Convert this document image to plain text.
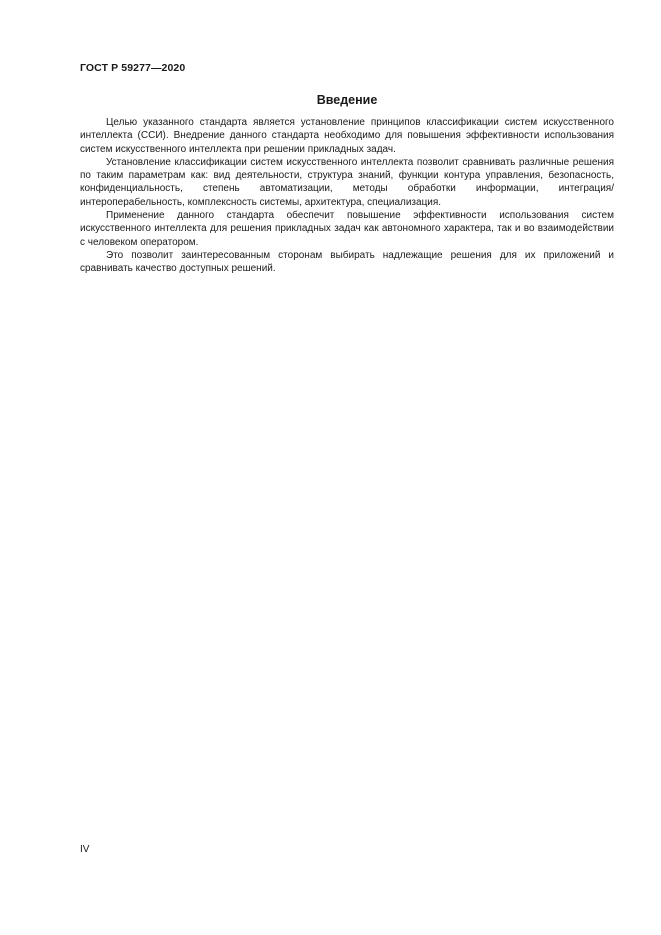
ГОСТ Р 59277—2020
Введение

Целью указанного стандарта является установление принципов классификации систем искусственного интеллекта (ССИ). Внедрение данного стандарта необходимо для повышения эффективности использования систем искусственного интеллекта при решении прикладных задач.

Установление классификации систем искусственного интеллекта позволит сравнивать различные решения по таким параметрам как: вид деятельности, структура знаний, функции контура управления, безопасность, конфиденциальность, степень автоматизации, методы обработки информации, интеграция/интероперабельность, комплексность системы, архитектура, специализация.

Применение данного стандарта обеспечит повышение эффективности использования систем искусственного интеллекта для решения прикладных задач как автономного характера, так и во взаимодействии с человеком оператором.

Это позволит заинтересованным сторонам выбирать надлежащие решения для их приложений и сравнивать качество доступных решений.

IV
